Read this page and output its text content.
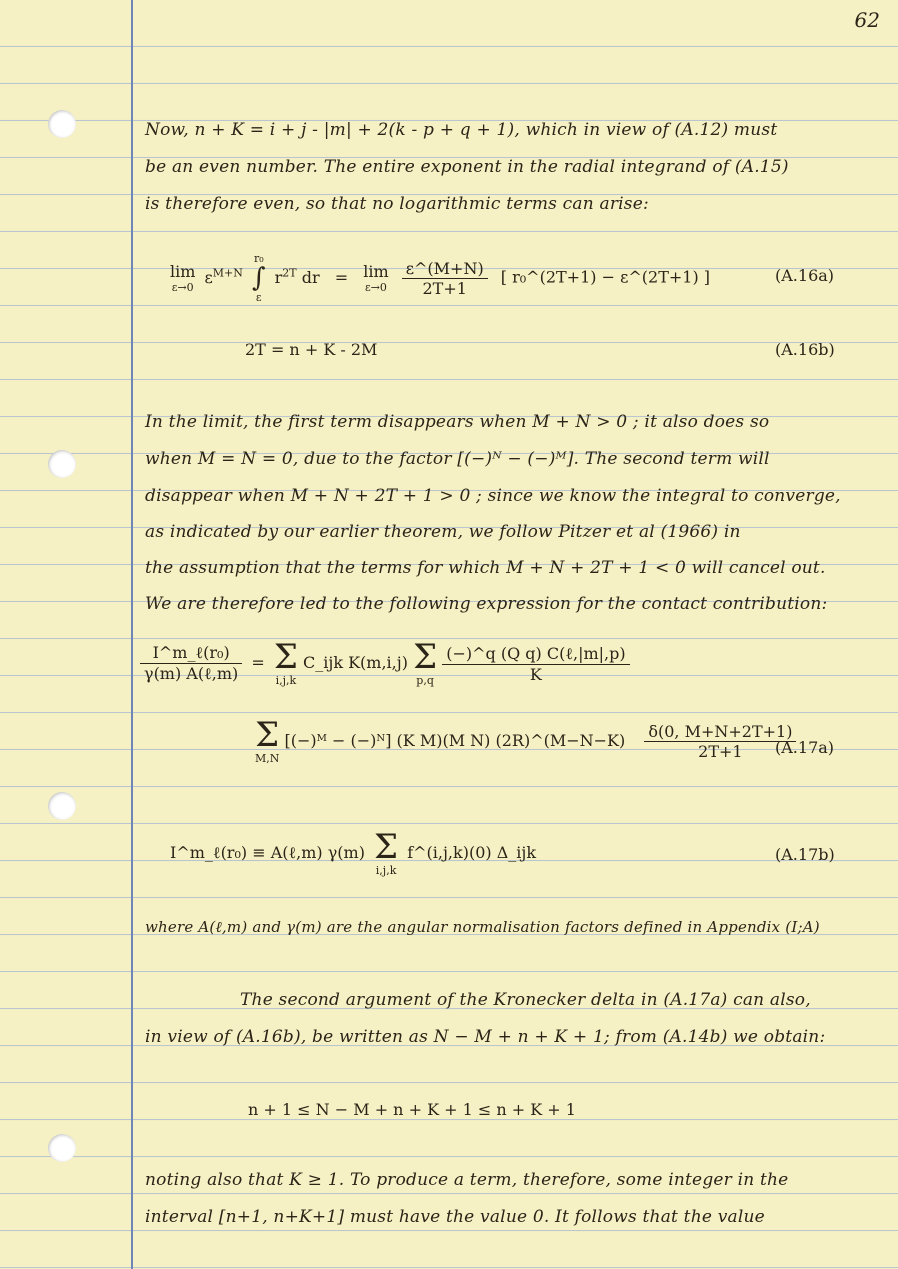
62
Now, n + K = i + j - |m| + 2(k - p + q + 1), which in view of (A.12) must
be an even number. The entire exponent in the radial integrand of (A.15)
is therefore even, so that no logarithmic terms can arise:
lim
ε→0
$\varepsilon^{M+N}$
r₀
∫
ε
$r^{2T}$ dr = lim
ε→0
$\frac{\varepsilon\^{}(M+N)}{2T+1}$ [ r₀^(2T+1) − ε^(2T+1) ]	(A.16a)
2T = n + K - 2M	(A.16b)
In the limit, the first term disappears when M + N > 0 ; it also does so
when M = N = 0, due to the factor [(−)ᴺ − (−)ᴹ]. The second term will
disappear when M + N + 2T + 1 > 0 ; since we know the integral to converge,
as indicated by our earlier theorem, we follow Pitzer et al (1966) in
the assumption that the terms for which M + N + 2T + 1 < 0 will cancel out.
We are therefore led to the following expression for the contact contribution:
$\frac{\text{I\textasciicircum{}m\_ℓ(r₀)}}{\text{γ(m) A(ℓ,m)}} = \Sigma$
i,j,k
C_ijk K(m,i,j) Σ
p,q
$\frac{\text{(−)\textasciicircum{}q (Q q) C(ℓ,|m|,p)}}{K}$
Σ
M,N
[(−)ᴹ − (−)ᴺ] (K M)(M N) (2R)^(M−N−K) $\frac{\delta(0, M+N+2T+1)}{2T+1}$
(A.17a)
I^m_ℓ(r₀) ≡ A(ℓ,m) γ(m) Σ
i,j,k
f^(i,j,k)(0) Δ_ijk	(A.17b)
where A(ℓ,m) and γ(m) are the angular normalisation factors defined in Appendix (I;A)
The second argument of the Kronecker delta in (A.17a) can also,
in view of (A.16b), be written as N − M + n + K + 1; from (A.14b) we obtain:
n + 1 ≤ N − M + n + K + 1 ≤ n + K + 1
noting also that K ≥ 1. To produce a term, therefore, some integer in the
interval [n+1, n+K+1] must have the value 0. It follows that the value
